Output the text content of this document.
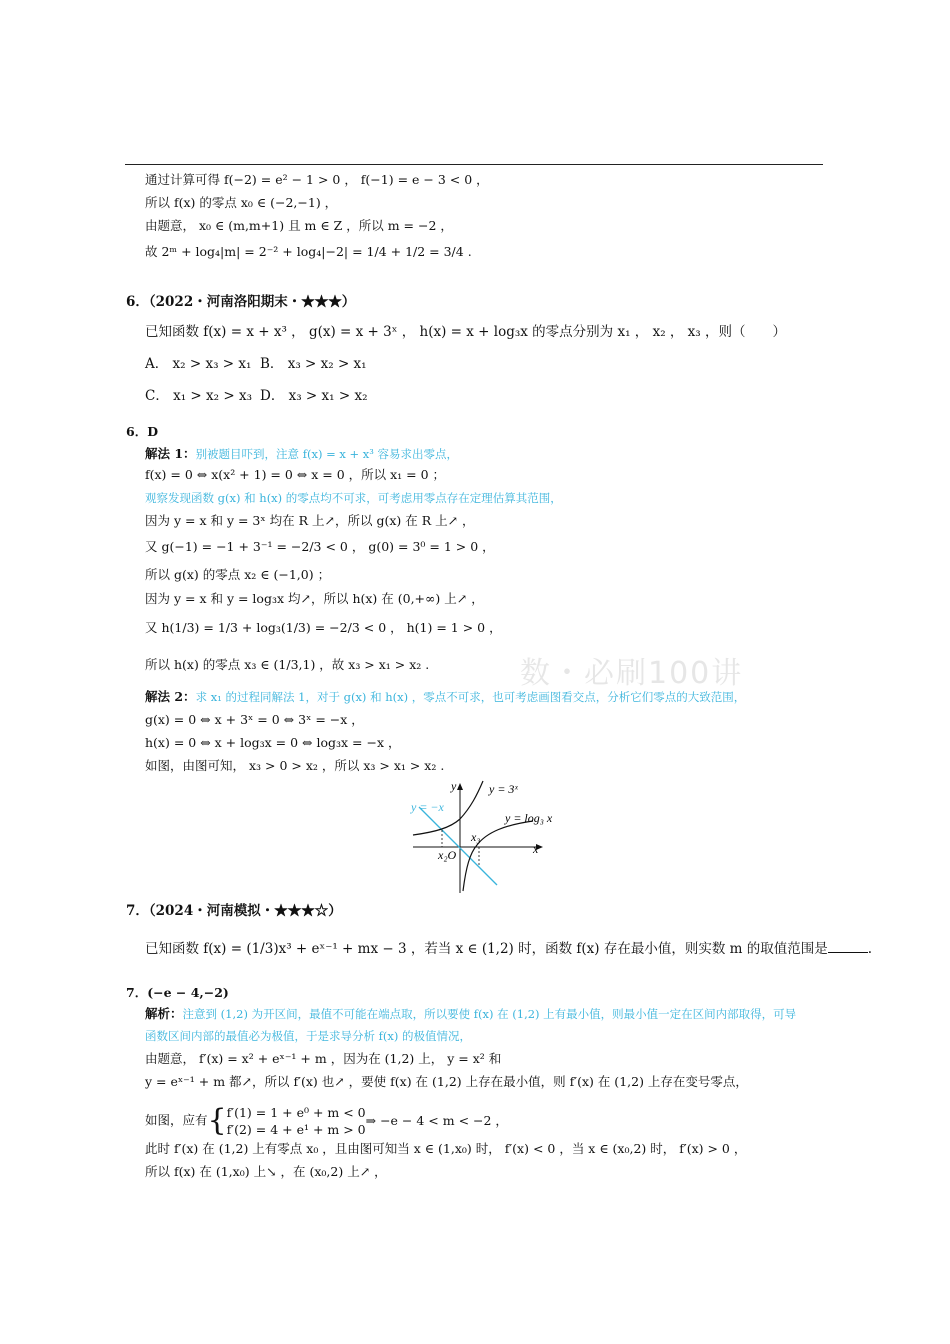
数・必刷100讲
通过计算可得 f(−2) = e² − 1 > 0 ， f(−1) = e − 3 < 0 ，
所以 f(x) 的零点 x₀ ∈ (−2,−1) ，
由题意， x₀ ∈ (m,m+1) 且 m ∈ Z ，所以 m = −2 ，
故 2ᵐ + log₄|m| = 2⁻² + log₄|−2| = 1/4 + 1/2 = 3/4 .
6．（2022・河南洛阳期末・★★★）
已知函数 f(x) = x + x³ ， g(x) = x + 3ˣ ， h(x) = x + log₃x 的零点分别为 x₁ ， x₂ ， x₃ ，则（　　）
A． x₂ > x₃ > x₁ B． x₃ > x₂ > x₁
C． x₁ > x₂ > x₃ D． x₃ > x₁ > x₂
6．D
解法 1：别被题目吓到，注意 f(x) = x + x³ 容易求出零点，
f(x) = 0 ⇔ x(x² + 1) = 0 ⇔ x = 0 ，所以 x₁ = 0 ；
观察发现函数 g(x) 和 h(x) 的零点均不可求，可考虑用零点存在定理估算其范围，
因为 y = x 和 y = 3ˣ 均在 R 上↗，所以 g(x) 在 R 上↗ ，
又 g(−1) = −1 + 3⁻¹ = −2/3 < 0 ， g(0) = 3⁰ = 1 > 0 ，
所以 g(x) 的零点 x₂ ∈ (−1,0) ；
因为 y = x 和 y = log₃x 均↗，所以 h(x) 在 (0,+∞) 上↗ ，
又 h(1/3) = 1/3 + log₃(1/3) = −2/3 < 0 ， h(1) = 1 > 0 ，
所以 h(x) 的零点 x₃ ∈ (1/3,1) ，故 x₃ > x₁ > x₂ .
解法 2：求 x₁ 的过程同解法 1，对于 g(x) 和 h(x) ，零点不可求，也可考虑画图看交点，分析它们零点的大致范围，
g(x) = 0 ⇔ x + 3ˣ = 0 ⇔ 3ˣ = −x ，
h(x) = 0 ⇔ x + log₃x = 0 ⇔ log₃x = −x ，
如图，由图可知， x₃ > 0 > x₂ ，所以 x₃ > x₁ > x₂ .
y
x
y = 3ˣ
y = −x
y = log₃ x
x₃
x₂O
7．（2024・河南模拟・★★★☆）
已知函数 f(x) = (1/3)x³ + eˣ⁻¹ + mx − 3 ，若当 x ∈ (1,2) 时，函数 f(x) 存在最小值，则实数 m 的取值范围是	.
7．(−e − 4,−2)
解析：注意到 (1,2) 为开区间，最值不可能在端点取，所以要使 f(x) 在 (1,2) 上有最小值，则最小值一定在区间内部取得，可导
函数区间内部的最值必为极值，于是求导分析 f(x) 的极值情况，
由题意， f′(x) = x² + eˣ⁻¹ + m ，因为在 (1,2) 上， y = x² 和
y = eˣ⁻¹ + m 都↗，所以 f′(x) 也↗ ，要使 f(x) 在 (1,2) 上存在最小值，则 f′(x) 在 (1,2) 上存在变号零点，
如图，应有{ f′(1) = 1 + e⁰ + m < 0
f′(2) = 4 + e¹ + m > 0
⇒ −e − 4 < m < −2 ，
此时 f′(x) 在 (1,2) 上有零点 x₀ ，且由图可知当 x ∈ (1,x₀) 时， f′(x) < 0 ，当 x ∈ (x₀,2) 时， f′(x) > 0 ，
所以 f(x) 在 (1,x₀) 上↘ ，在 (x₀,2) 上↗ ，
